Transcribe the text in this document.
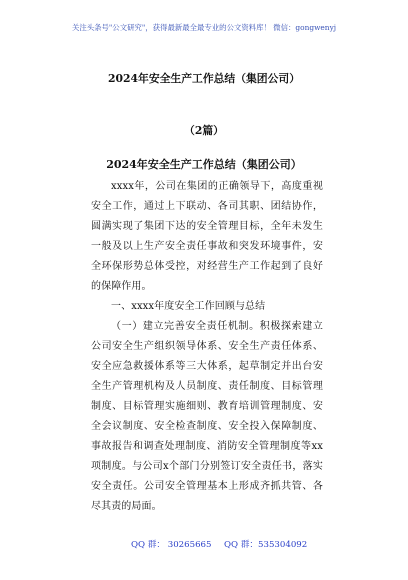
关注头条号"公文研究"，获得最新最全最专业的公文资料库！ 微信：gongwenyj
2024年安全生产工作总结（集团公司）
（2篇）
2024年安全生产工作总结（集团公司）

xxxx年，公司在集团的正确领导下，高度重视安全工作，通过上下联动、各司其职、团结协作，圆满实现了集团下达的安全管理目标，全年未发生一般及以上生产安全责任事故和突发环境事件，安全环保形势总体受控，对经营生产工作起到了良好的保障作用。

一、xxxx年度安全工作回顾与总结

（一）建立完善安全责任机制。积极探索建立公司安全生产组织领导体系、安全生产责任体系、安全应急救援体系等三大体系，起草制定并出台安全生产管理机构及人员制度、责任制度、目标管理制度、目标管理实施细则、教育培训管理制度、安全会议制度、安全检查制度、安全投入保障制度、事故报告和调查处理制度、消防安全管理制度等xx项制度。与公司x个部门分别签订安全责任书，落实安全责任。公司安全管理基本上形成齐抓共管、各尽其责的局面。

QQ 群： 30265665 QQ 群：535304092
